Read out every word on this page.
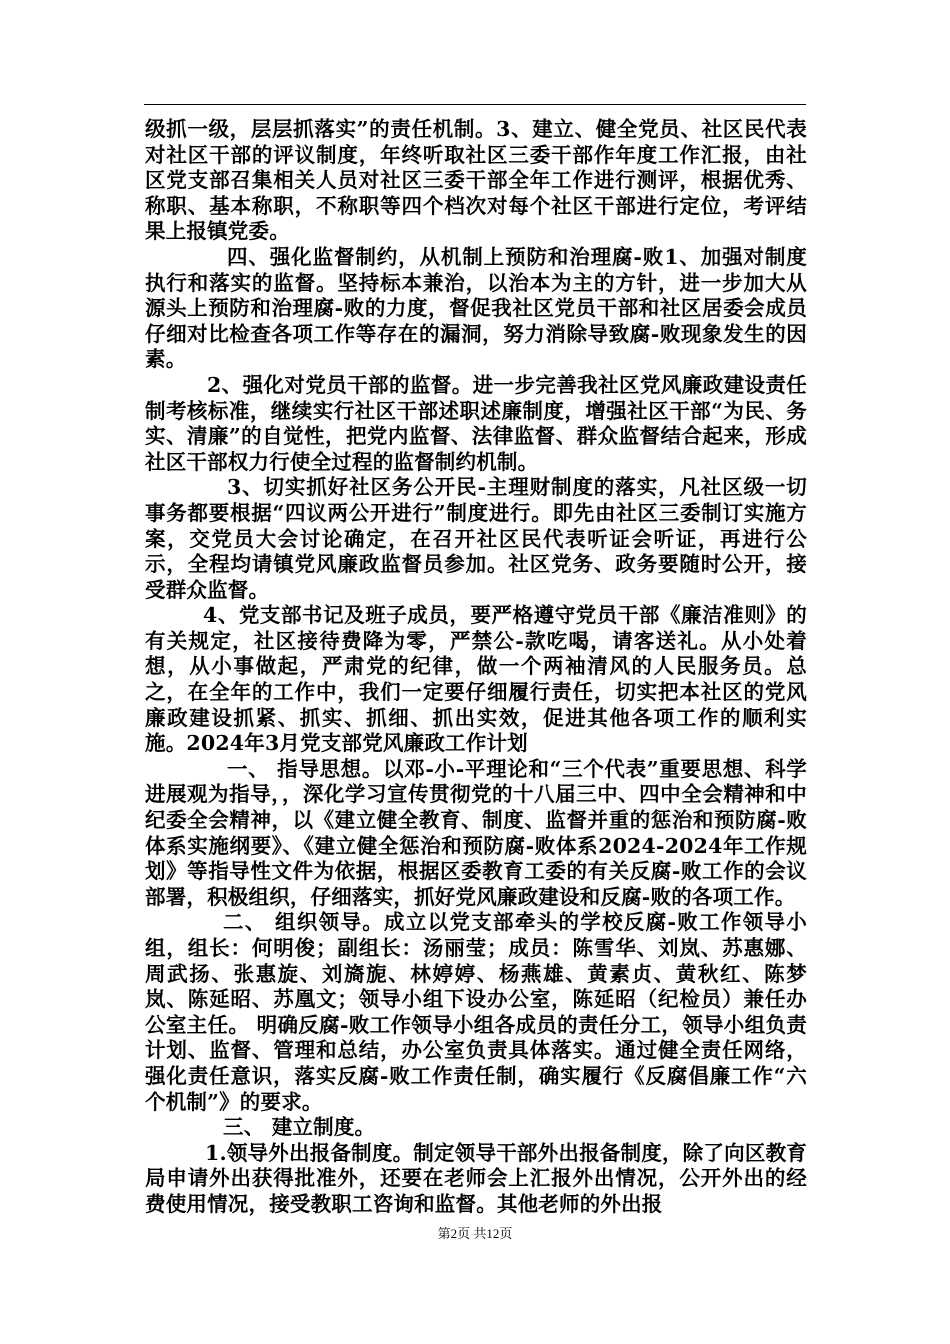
级抓一级，层层抓落实”的责任机制。3、建立、健全党员、社区民代表对社区干部的评议制度，年终听取社区三委干部作年度工作汇报，由社区党支部召集相关人员对社区三委干部全年工作进行测评，根据优秀、称职、基本称职，不称职等四个档次对每个社区干部进行定位，考评结果上报镇党委。

四、强化监督制约，从机制上预防和治理腐-败1、加强对制度执行和落实的监督。坚持标本兼治，以治本为主的方针，进一步加大从源头上预防和治理腐-败的力度，督促我社区党员干部和社区居委会成员仔细对比检查各项工作等存在的漏洞，努力消除导致腐-败现象发生的因素。

2、强化对党员干部的监督。进一步完善我社区党风廉政建设责任制考核标准，继续实行社区干部述职述廉制度，增强社区干部“为民、务实、清廉”的自觉性，把党内监督、法律监督、群众监督结合起来，形成社区干部权力行使全过程的监督制约机制。

3、切实抓好社区务公开民-主理财制度的落实，凡社区级一切事务都要根据“四议两公开进行”制度进行。即先由社区三委制订实施方案，交党员大会讨论确定，在召开社区民代表听证会听证，再进行公示，全程均请镇党风廉政监督员参加。社区党务、政务要随时公开，接受群众监督。

4、党支部书记及班子成员，要严格遵守党员干部《廉洁准则》的有关规定，社区接待费降为零，严禁公-款吃喝，请客送礼。从小处着想，从小事做起，严肃党的纪律，做一个两袖清风的人民服务员。总之，在全年的工作中，我们一定要仔细履行责任，切实把本社区的党风廉政建设抓紧、抓实、抓细、抓出实效，促进其他各项工作的顺利实施。2024年3月党支部党风廉政工作计划

一、 指导思想。以邓-小-平理论和“三个代表”重要思想、科学进展观为指导，，深化学习宣传贯彻党的十八届三中、四中全会精神和中纪委全会精神，以《建立健全教育、制度、监督并重的惩治和预防腐-败体系实施纲要》、《建立健全惩治和预防腐-败体系2024-2024年工作规划》等指导性文件为依据，根据区委教育工委的有关反腐-败工作的会议部署，积极组织，仔细落实，抓好党风廉政建设和反腐-败的各项工作。

二、 组织领导。成立以党支部牵头的学校反腐-败工作领导小组，组长：何明俊；副组长：汤丽莹；成员：陈雪华、刘岚、苏惠娜、周武扬、张惠旋、刘旖旎、林婷婷、杨燕雄、黄素贞、黄秋红、陈梦岚、陈延昭、苏凰文；领导小组下设办公室，陈延昭（纪检员）兼任办公室主任。 明确反腐-败工作领导小组各成员的责任分工，领导小组负责计划、监督、管理和总结，办公室负责具体落实。通过健全责任网络，强化责任意识，落实反腐-败工作责任制，确实履行《反腐倡廉工作“六个机制”》的要求。

三、 建立制度。

1.领导外出报备制度。制定领导干部外出报备制度，除了向区教育局申请外出获得批准外，还要在老师会上汇报外出情况，公开外出的经费使用情况，接受教职工咨询和监督。其他老师的外出报

第2页 共12页
